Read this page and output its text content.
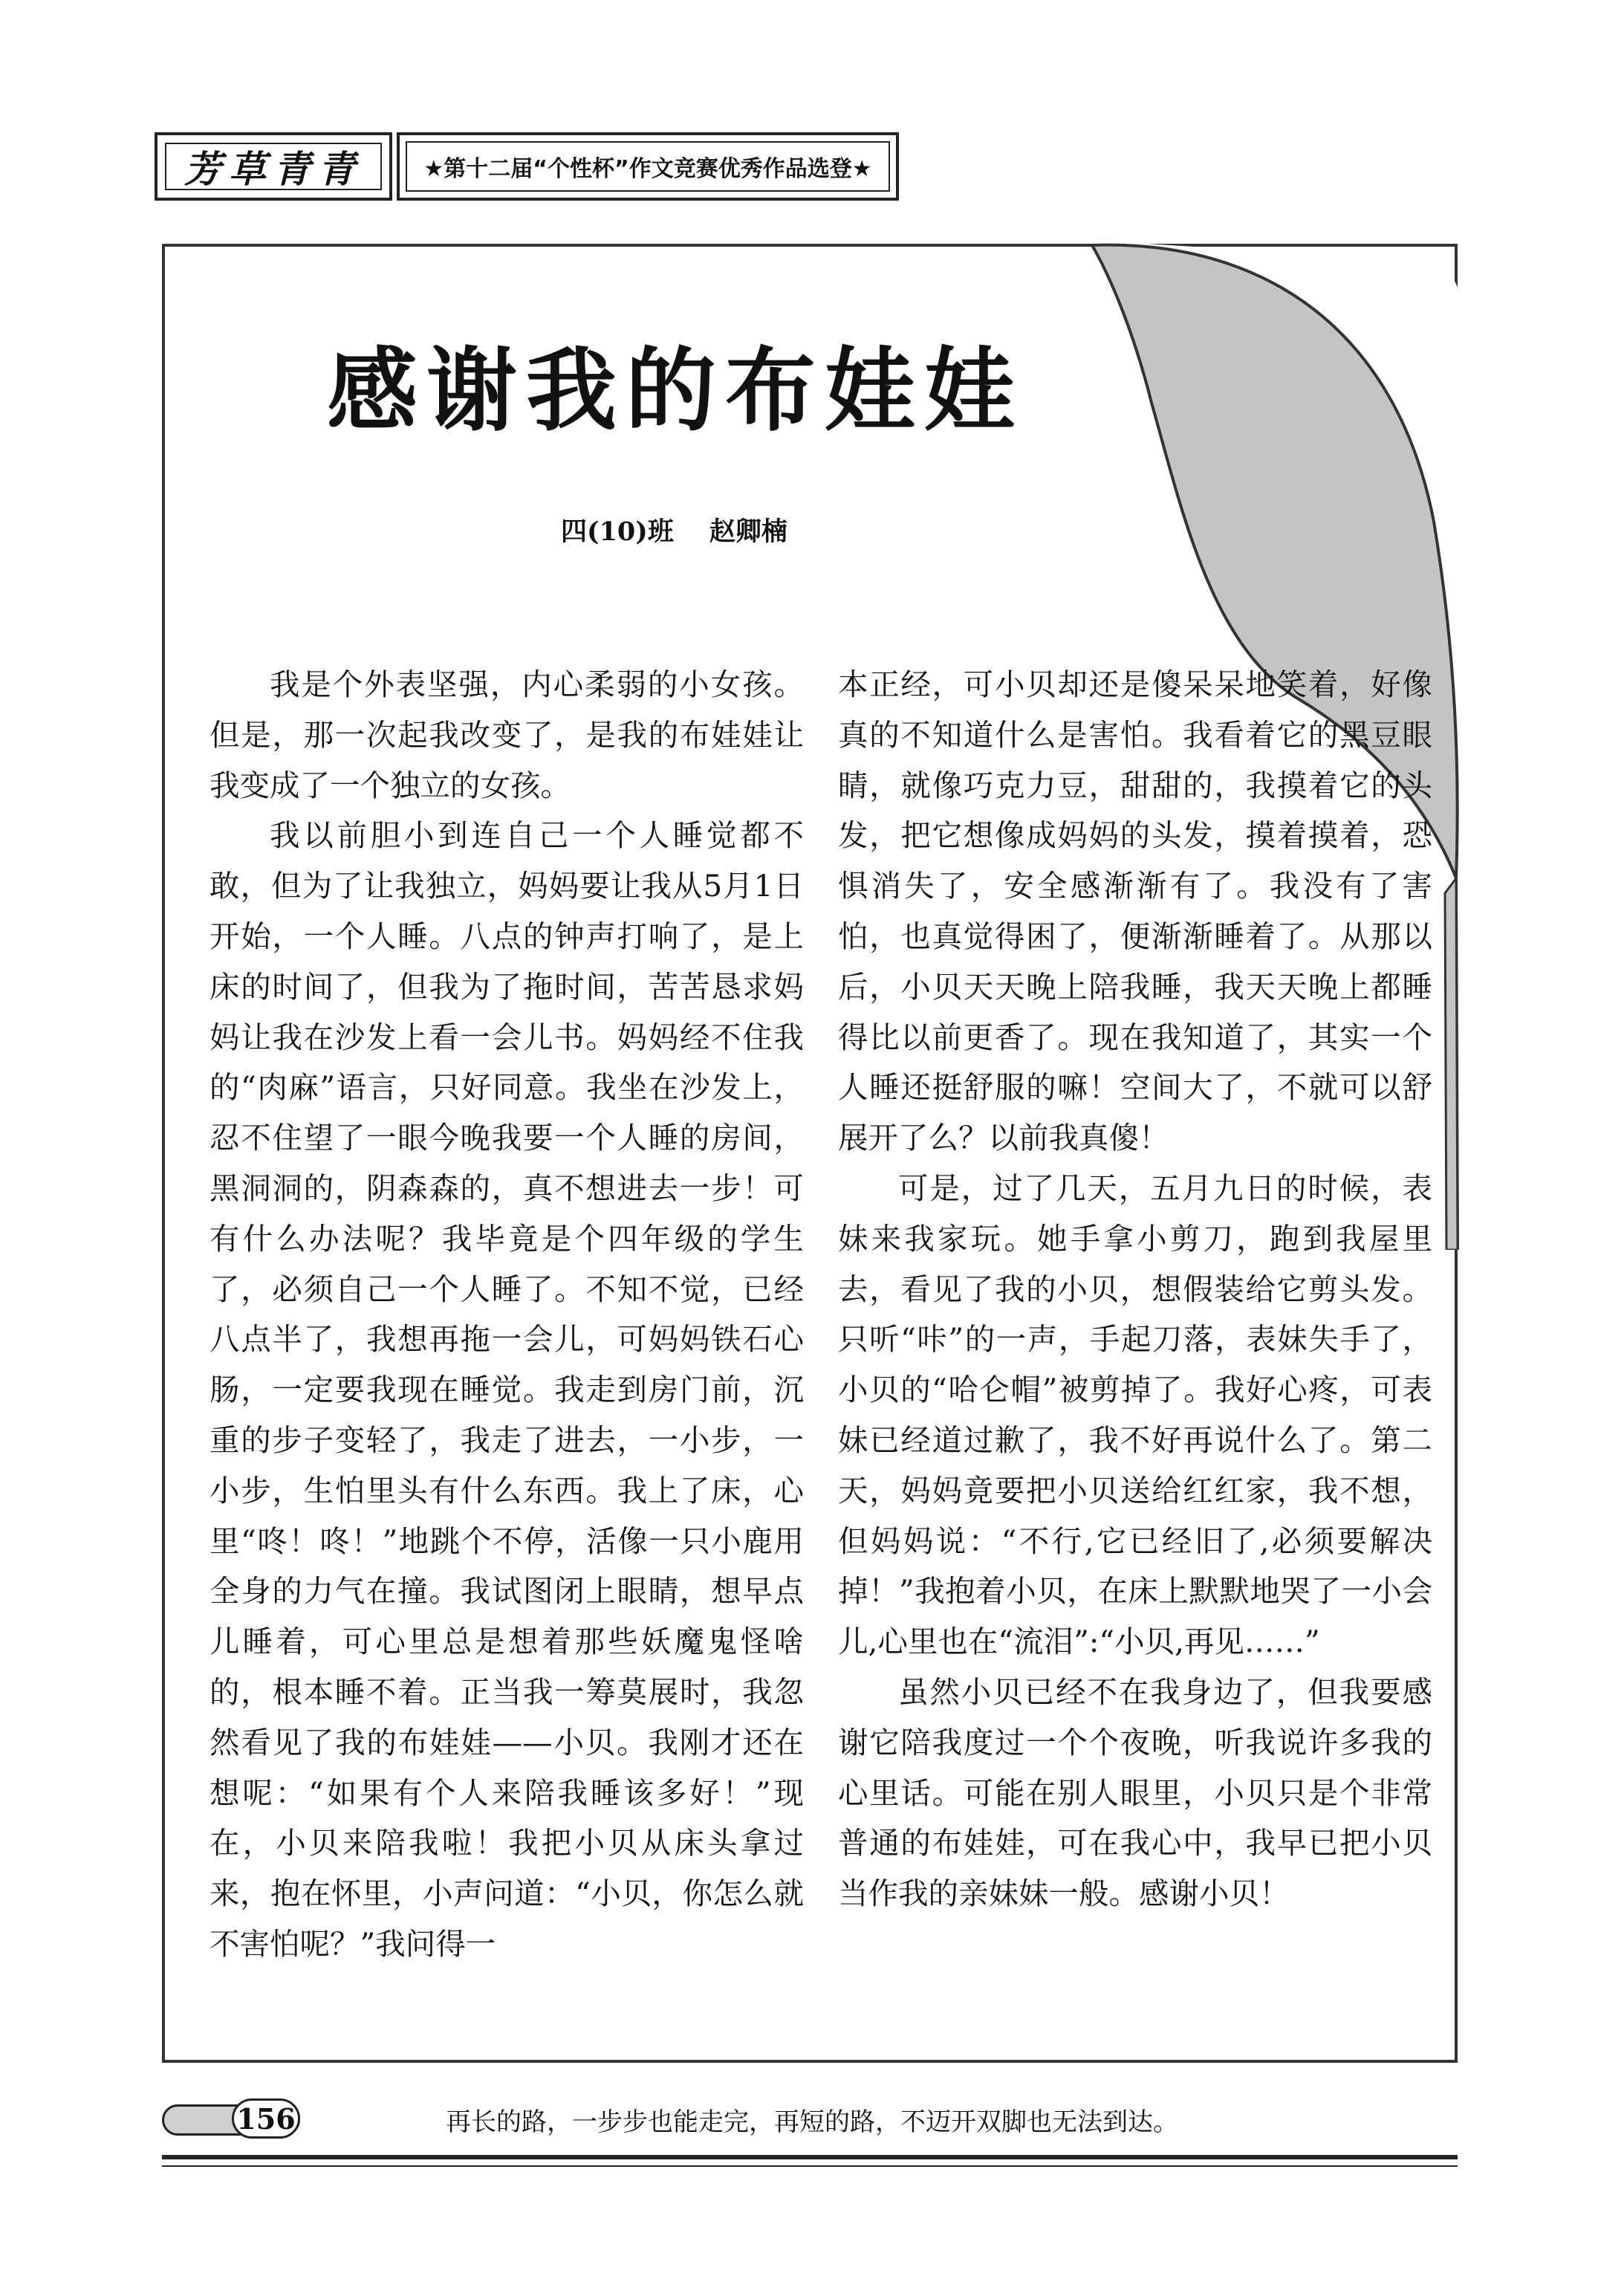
芳草青青	★第十二届“个性杯”作文竞赛优秀作品选登★
感谢我的布娃娃
四(10)班 赵卿楠

我是个外表坚强，内心柔弱的小女孩。但是，那一次起我改变了，是我的布娃娃让我变成了一个独立的女孩。

我以前胆小到连自己一个人睡觉都不敢，但为了让我独立，妈妈要让我从5月1日开始，一个人睡。八点的钟声打响了，是上床的时间了，但我为了拖时间，苦苦恳求妈妈让我在沙发上看一会儿书。妈妈经不住我的“肉麻”语言，只好同意。我坐在沙发上，忍不住望了一眼今晚我要一个人睡的房间，黑洞洞的，阴森森的，真不想进去一步！可有什么办法呢？我毕竟是个四年级的学生了，必须自己一个人睡了。不知不觉，已经八点半了，我想再拖一会儿，可妈妈铁石心肠，一定要我现在睡觉。我走到房门前，沉重的步子变轻了，我走了进去，一小步，一小步，生怕里头有什么东西。我上了床，心里“咚！咚！”地跳个不停，活像一只小鹿用全身的力气在撞。我试图闭上眼睛，想早点儿睡着，可心里总是想着那些妖魔鬼怪啥的，根本睡不着。正当我一筹莫展时，我忽然看见了我的布娃娃——小贝。我刚才还在想呢：“如果有个人来陪我睡该多好！”现在，小贝来陪我啦！我把小贝从床头拿过来，抱在怀里，小声问道：“小贝，你怎么就不害怕呢？”我问得一

本正经，可小贝却还是傻呆呆地笑着，好像真的不知道什么是害怕。我看着它的黑豆眼睛，就像巧克力豆，甜甜的，我摸着它的头发，把它想像成妈妈的头发，摸着摸着，恐惧消失了，安全感渐渐有了。我没有了害怕，也真觉得困了，便渐渐睡着了。从那以后，小贝天天晚上陪我睡，我天天晚上都睡得比以前更香了。现在我知道了，其实一个人睡还挺舒服的嘛！空间大了，不就可以舒展开了么？以前我真傻！

可是，过了几天，五月九日的时候，表妹来我家玩。她手拿小剪刀，跑到我屋里去，看见了我的小贝，想假装给它剪头发。只听“咔”的一声，手起刀落，表妹失手了，小贝的“哈仑帽”被剪掉了。我好心疼，可表妹已经道过歉了，我不好再说什么了。第二天，妈妈竟要把小贝送给红红家，我不想，但妈妈说：“不行,它已经旧了,必须要解决掉！”我抱着小贝，在床上默默地哭了一小会儿,心里也在“流泪”:“小贝,再见……”

虽然小贝已经不在我身边了，但我要感谢它陪我度过一个个夜晚，听我说许多我的心里话。可能在别人眼里，小贝只是个非常普通的布娃娃，可在我心中，我早已把小贝当作我的亲妹妹一般。感谢小贝！

156	再长的路，一步步也能走完，再短的路，不迈开双脚也无法到达。
